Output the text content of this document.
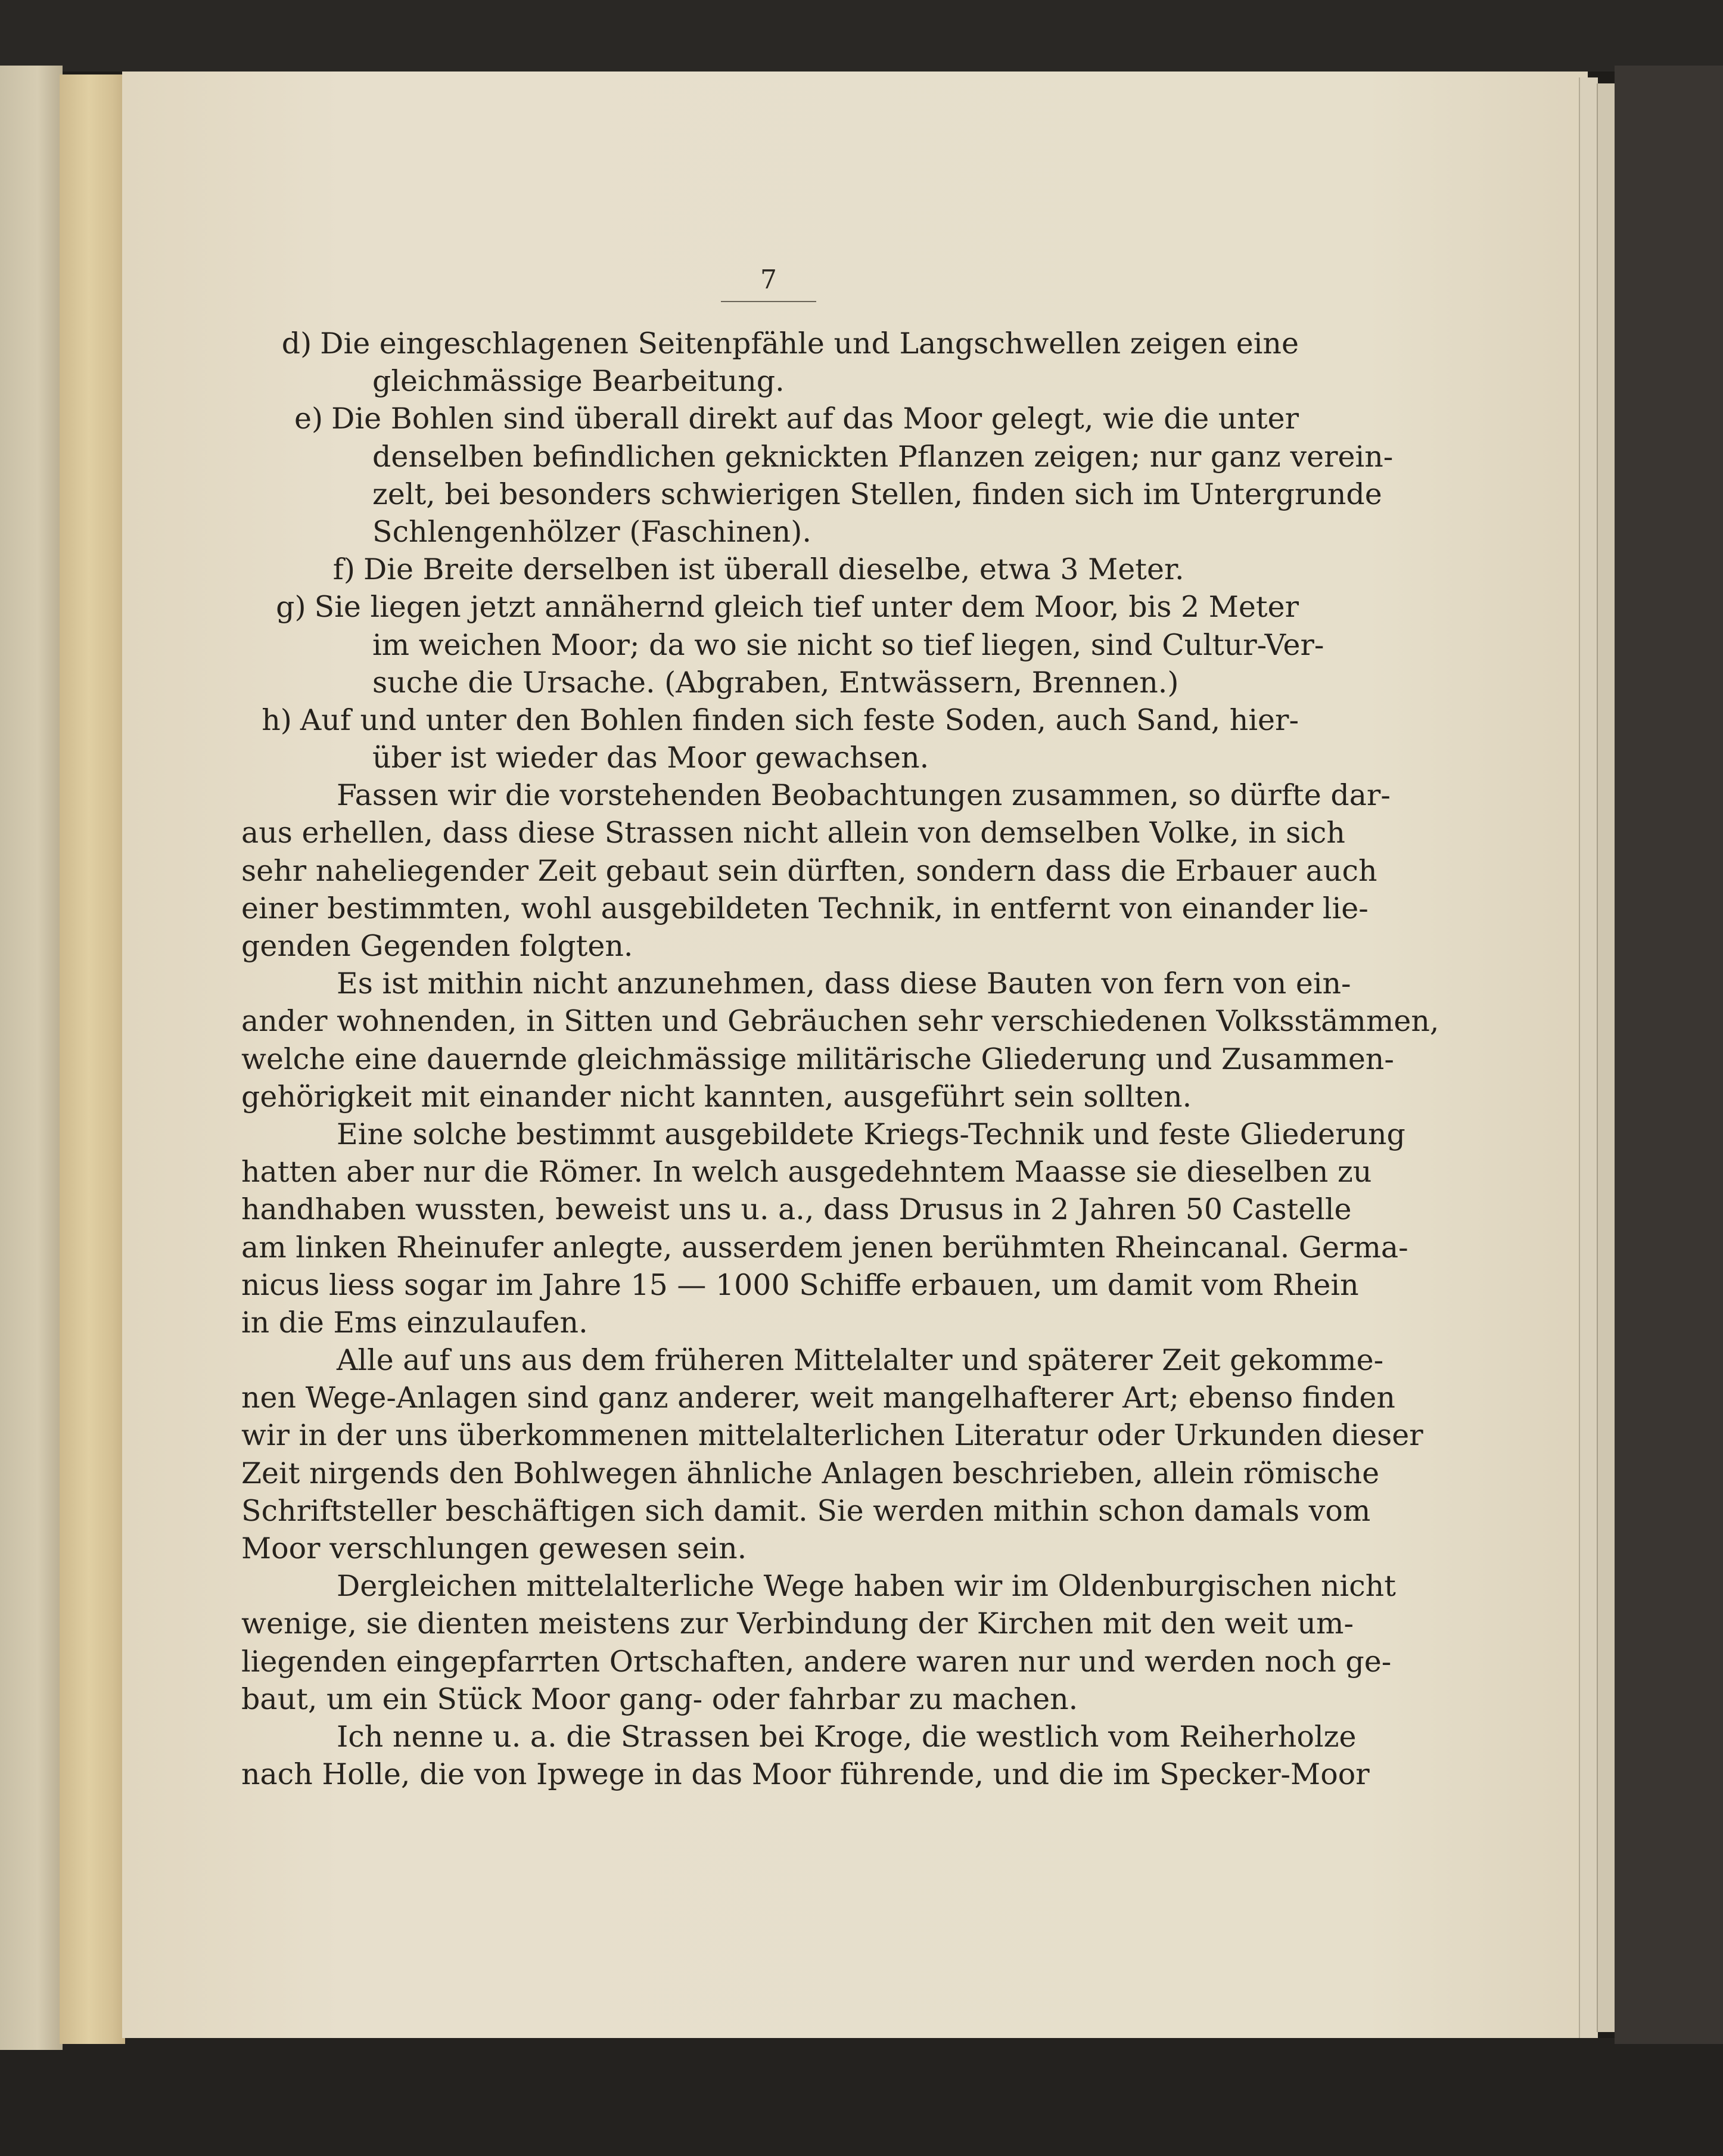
7
d) Die eingeschlagenen Seitenpfähle und Langschwellen zeigen eine
gleichmässige Bearbeitung.
e) Die Bohlen sind überall direkt auf das Moor gelegt, wie die unter
denselben befindlichen geknickten Pflanzen zeigen; nur ganz verein-
zelt, bei besonders schwierigen Stellen, finden sich im Untergrunde
Schlengenhölzer (Faschinen).
f) Die Breite derselben ist überall dieselbe, etwa 3 Meter.
g) Sie liegen jetzt annähernd gleich tief unter dem Moor, bis 2 Meter
im weichen Moor; da wo sie nicht so tief liegen, sind Cultur-Ver-
suche die Ursache. (Abgraben, Entwässern, Brennen.)
h) Auf und unter den Bohlen finden sich feste Soden, auch Sand, hier-
über ist wieder das Moor gewachsen.
Fassen wir die vorstehenden Beobachtungen zusammen, so dürfte dar-
aus erhellen, dass diese Strassen nicht allein von demselben Volke, in sich
sehr naheliegender Zeit gebaut sein dürften, sondern dass die Erbauer auch
einer bestimmten, wohl ausgebildeten Technik, in entfernt von einander lie-
genden Gegenden folgten.
Es ist mithin nicht anzunehmen, dass diese Bauten von fern von ein-
ander wohnenden, in Sitten und Gebräuchen sehr verschiedenen Volksstämmen,
welche eine dauernde gleichmässige militärische Gliederung und Zusammen-
gehörigkeit mit einander nicht kannten, ausgeführt sein sollten.
Eine solche bestimmt ausgebildete Kriegs-Technik und feste Gliederung
hatten aber nur die Römer. In welch ausgedehntem Maasse sie dieselben zu
handhaben wussten, beweist uns u. a., dass Drusus in 2 Jahren 50 Castelle
am linken Rheinufer anlegte, ausserdem jenen berühmten Rheincanal. Germa-
nicus liess sogar im Jahre 15 — 1000 Schiffe erbauen, um damit vom Rhein
in die Ems einzulaufen.
Alle auf uns aus dem früheren Mittelalter und späterer Zeit gekomme-
nen Wege-Anlagen sind ganz anderer, weit mangelhafterer Art; ebenso finden
wir in der uns überkommenen mittelalterlichen Literatur oder Urkunden dieser
Zeit nirgends den Bohlwegen ähnliche Anlagen beschrieben, allein römische
Schriftsteller beschäftigen sich damit. Sie werden mithin schon damals vom
Moor verschlungen gewesen sein.
Dergleichen mittelalterliche Wege haben wir im Oldenburgischen nicht
wenige, sie dienten meistens zur Verbindung der Kirchen mit den weit um-
liegenden eingepfarrten Ortschaften, andere waren nur und werden noch ge-
baut, um ein Stück Moor gang- oder fahrbar zu machen.
Ich nenne u. a. die Strassen bei Kroge, die westlich vom Reiherholze
nach Holle, die von Ipwege in das Moor führende, und die im Specker-Moor
